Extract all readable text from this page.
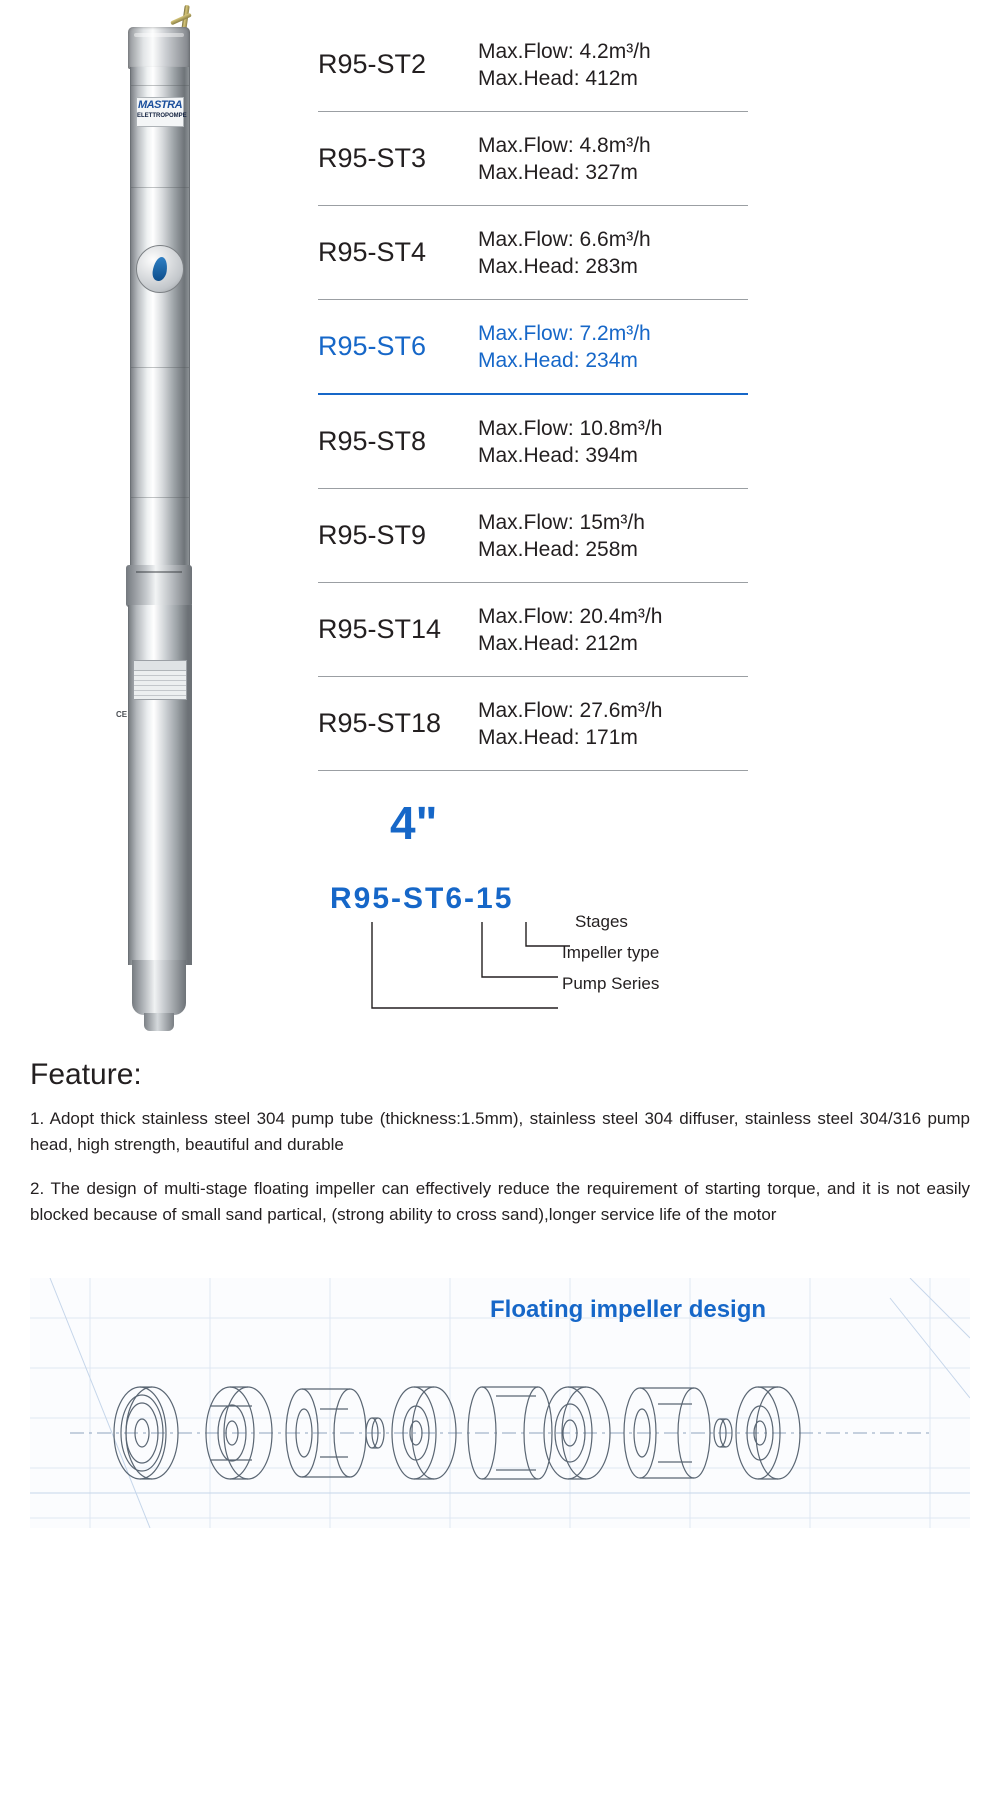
MASTRA
ELETTROPOMPE
CE
R95-ST2	Max.Flow: 4.2m³/h
Max.Head: 412m
R95-ST3	Max.Flow: 4.8m³/h
Max.Head: 327m
R95-ST4	Max.Flow: 6.6m³/h
Max.Head: 283m
R95-ST6	Max.Flow: 7.2m³/h
Max.Head: 234m
R95-ST8	Max.Flow: 10.8m³/h
Max.Head: 394m
R95-ST9	Max.Flow: 15m³/h
Max.Head: 258m
R95-ST14	Max.Flow: 20.4m³/h
Max.Head: 212m
R95-ST18	Max.Flow: 27.6m³/h
Max.Head: 171m
4"
R95-ST6-15
Stages
Impeller type
Pump Series
Feature:

1. Adopt thick stainless steel 304 pump tube (thickness:1.5mm), stainless steel 304 diffuser, stainless steel 304/316 pump head, high strength, beautiful and durable

2. The design of multi-stage floating impeller can effectively reduce the requirement of starting torque, and it is not easily blocked because of small sand partical, (strong ability to cross sand),longer service life of the motor

Floating impeller design
